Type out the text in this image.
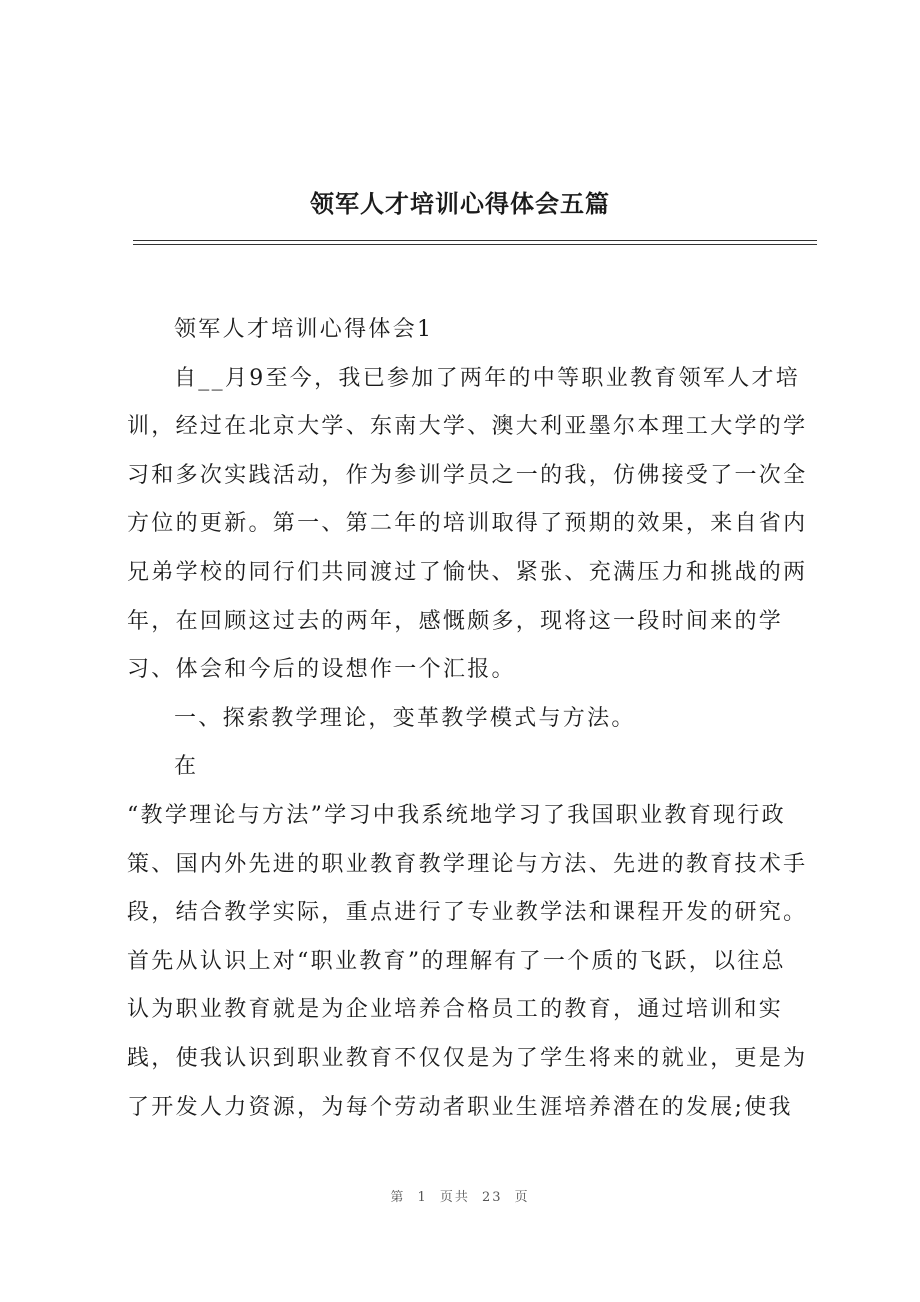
领军人才培训心得体会五篇
领军人才培训心得体会1
自__月9至今，我已参加了两年的中等职业教育领军人才培
训，经过在北京大学、东南大学、澳大利亚墨尔本理工大学的学
习和多次实践活动，作为参训学员之一的我，仿佛接受了一次全
方位的更新。第一、第二年的培训取得了预期的效果，来自省内
兄弟学校的同行们共同渡过了愉快、紧张、充满压力和挑战的两
年，在回顾这过去的两年，感慨颇多，现将这一段时间来的学
习、体会和今后的设想作一个汇报。
一、探索教学理论，变革教学模式与方法。
在
“教学理论与方法”学习中我系统地学习了我国职业教育现行政
策、国内外先进的职业教育教学理论与方法、先进的教育技术手
段，结合教学实际，重点进行了专业教学法和课程开发的研究。
首先从认识上对“职业教育”的理解有了一个质的飞跃，以往总
认为职业教育就是为企业培养合格员工的教育，通过培训和实
践，使我认识到职业教育不仅仅是为了学生将来的就业，更是为
了开发人力资源，为每个劳动者职业生涯培养潜在的发展;使我
第 1 页共 23 页
